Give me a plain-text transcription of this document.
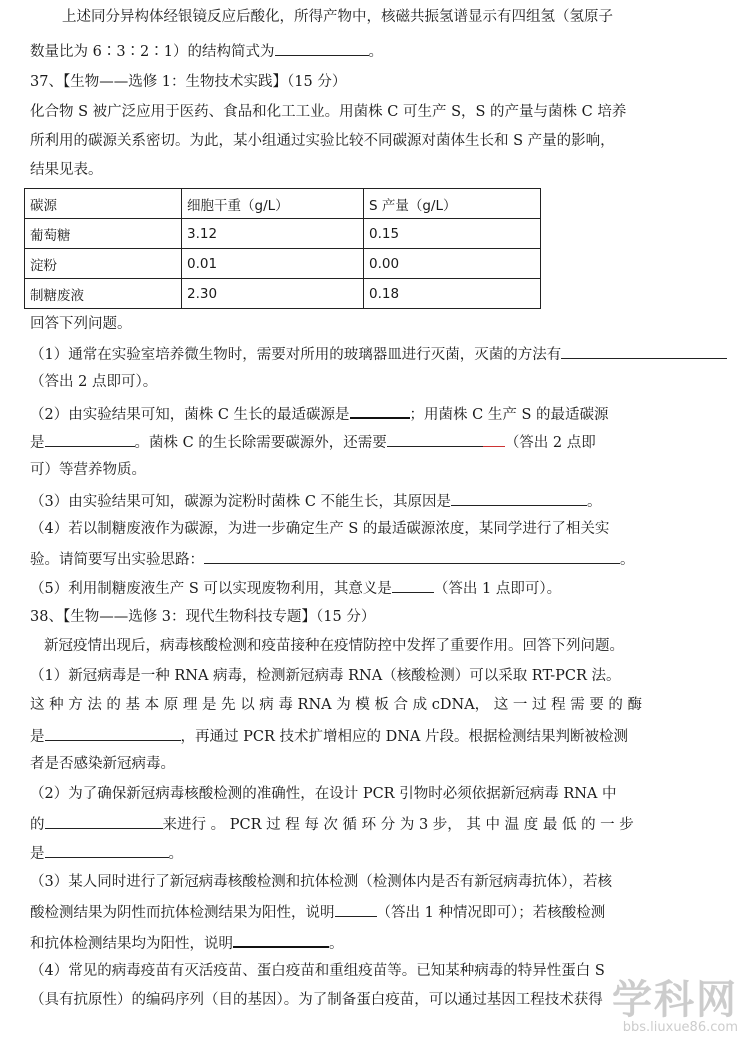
上述同分异构体经银镜反应后酸化，所得产物中，核磁共振氢谱显示有四组氢（氢原子
数量比为 6∶3∶2∶1）的结构简式为	。
37、【生物——选修 1：生物技术实践】（15 分）
化合物 S 被广泛应用于医药、食品和化工工业。用菌株 C 可生产 S，S 的产量与菌株 C 培养
所利用的碳源关系密切。为此，某小组通过实验比较不同碳源对菌体生长和 S 产量的影响，
结果见表。
碳源	细胞干重（g/L）	S 产量（g/L）
葡萄糖	3.12	0.15
淀粉	0.01	0.00
制糖废液	2.30	0.18
回答下列问题。
（1）通常在实验室培养微生物时，需要对所用的玻璃器皿进行灭菌，灭菌的方法有
（答出 2 点即可）。
（2）由实验结果可知，菌株 C 生长的最适碳源是	；用菌株 C 生产 S 的最适碳源
是	。菌株 C 的生长除需要碳源外，还需要	（答出 2 点即
可）等营养物质。
（3）由实验结果可知，碳源为淀粉时菌株 C 不能生长，其原因是	。
（4）若以制糖废液作为碳源，为进一步确定生产 S 的最适碳源浓度，某同学进行了相关实
验。请简要写出实验思路：	。
（5）利用制糖废液生产 S 可以实现废物利用，其意义是	（答出 1 点即可）。
38、【生物——选修 3：现代生物科技专题】（15 分）
新冠疫情出现后，病毒核酸检测和疫苗接种在疫情防控中发挥了重要作用。回答下列问题。
（1）新冠病毒是一种 RNA 病毒，检测新冠病毒 RNA（核酸检测）可以采取 RT-PCR 法。
这 种 方 法 的 基 本 原 理 是 先 以 病 毒 RNA 为 模 板 合 成 cDNA， 这 一 过 程 需 要 的 酶
是	，再通过 PCR 技术扩增相应的 DNA 片段。根据检测结果判断被检测
者是否感染新冠病毒。
（2）为了确保新冠病毒核酸检测的准确性，在设计 PCR 引物时必须依据新冠病毒 RNA 中
的	来进行 。 PCR 过 程 每 次 循 环 分 为 3 步， 其 中 温 度 最 低 的 一 步
是	。
（3）某人同时进行了新冠病毒核酸检测和抗体检测（检测体内是否有新冠病毒抗体），若核
酸检测结果为阴性而抗体检测结果为阳性，说明	（答出 1 种情况即可）；若核酸检测
和抗体检测结果均为阳性，说明	。
（4）常见的病毒疫苗有灭活疫苗、蛋白疫苗和重组疫苗等。已知某种病毒的特异性蛋白 S
（具有抗原性）的编码序列（目的基因）。为了制备蛋白疫苗，可以通过基因工程技术获得 学科网
bbs.liuxue86.com
